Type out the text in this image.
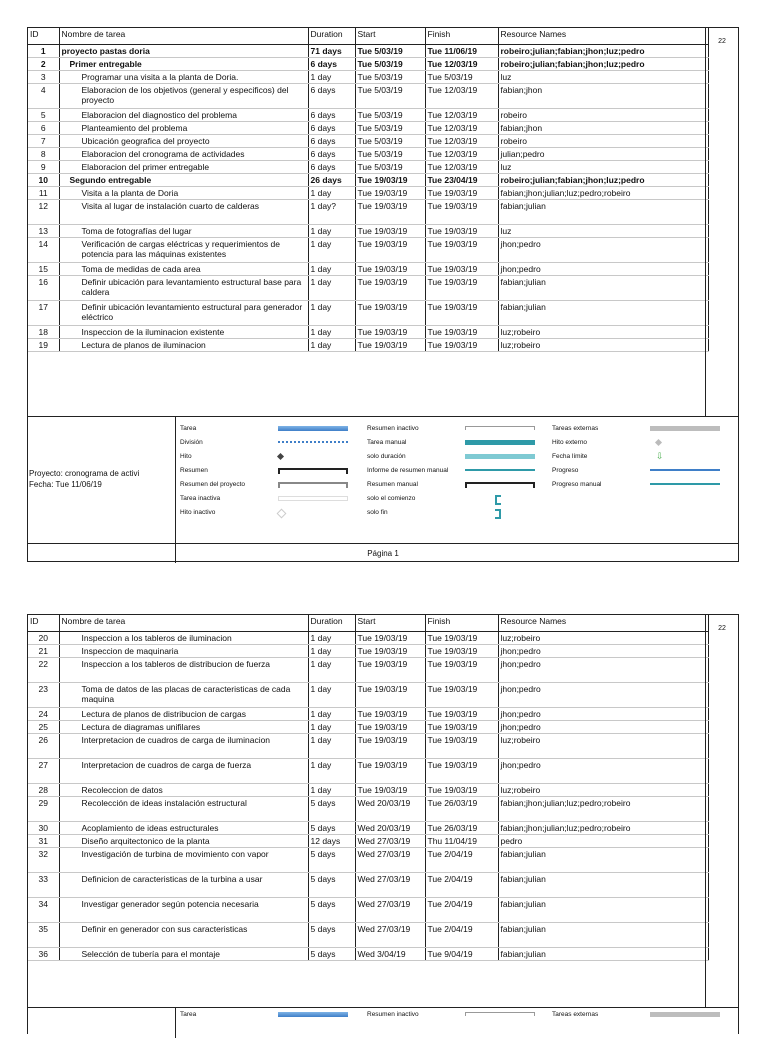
ID	Nombre de tarea	Duration	Start	Finish	Resource Names
1	proyecto pastas doria	71 days	Tue 5/03/19	Tue 11/06/19	robeiro;julian;fabian;jhon;luz;pedro
2	Primer entregable	6 days	Tue 5/03/19	Tue 12/03/19	robeiro;julian;fabian;jhon;luz;pedro
3	Programar una visita a la planta de Doria.	1 day	Tue 5/03/19	Tue 5/03/19	luz
4	Elaboracion de los objetivos (general y especificos) del proyecto	6 days	Tue 5/03/19	Tue 12/03/19	fabian;jhon
5	Elaboracion del diagnostico del problema	6 days	Tue 5/03/19	Tue 12/03/19	robeiro
6	Planteamiento del problema	6 days	Tue 5/03/19	Tue 12/03/19	fabian;jhon
7	Ubicación geografica del proyecto	6 days	Tue 5/03/19	Tue 12/03/19	robeiro
8	Elaboracion del cronograma de actividades	6 days	Tue 5/03/19	Tue 12/03/19	julian;pedro
9	Elaboracion del primer entregable	6 days	Tue 5/03/19	Tue 12/03/19	luz
10	Segundo entregable	26 days	Tue 19/03/19	Tue 23/04/19	robeiro;julian;fabian;jhon;luz;pedro
11	Visita a la planta de Doria	1 day	Tue 19/03/19	Tue 19/03/19	fabian;jhon;julian;luz;pedro;robeiro
12	Visita al lugar de instalación cuarto de calderas	1 day?	Tue 19/03/19	Tue 19/03/19	fabian;julian
13	Toma de fotografías del lugar	1 day	Tue 19/03/19	Tue 19/03/19	luz
14	Verificación de cargas eléctricas y requerimientos de potencia para las máquinas existentes	1 day	Tue 19/03/19	Tue 19/03/19	jhon;pedro
15	Toma de medidas de cada area	1 day	Tue 19/03/19	Tue 19/03/19	jhon;pedro
16	Definir ubicación para levantamiento estructural base para caldera	1 day	Tue 19/03/19	Tue 19/03/19	fabian;julian
17	Definir ubicación levantamiento estructural para generador eléctrico	1 day	Tue 19/03/19	Tue 19/03/19	fabian;julian
18	Inspeccion de la iluminacion existente	1 day	Tue 19/03/19	Tue 19/03/19	luz;robeiro
19	Lectura de planos de iluminacion	1 day	Tue 19/03/19	Tue 19/03/19	luz;robeiro
22
Proyecto: cronograma de activi
Fecha: Tue 11/06/19
Tarea
División
Hito
Resumen
Resumen del proyecto
Tarea inactiva
Hito inactivo
Resumen inactivo
Tarea manual
solo duración
Informe de resumen manual
Resumen manual
solo el comienzo
solo fin
Tareas externas
Hito externo
Fecha límite	⇩
Progreso
Progreso manual
Página 1
ID	Nombre de tarea	Duration	Start	Finish	Resource Names
20	Inspeccion a los tableros de iluminacion	1 day	Tue 19/03/19	Tue 19/03/19	luz;robeiro
21	Inspeccion de maquinaria	1 day	Tue 19/03/19	Tue 19/03/19	jhon;pedro
22	Inspeccion a los tableros de distribucion de fuerza	1 day	Tue 19/03/19	Tue 19/03/19	jhon;pedro
23	Toma de datos de las placas de caracteristicas de cada maquina	1 day	Tue 19/03/19	Tue 19/03/19	jhon;pedro
24	Lectura de planos de distribucion de cargas	1 day	Tue 19/03/19	Tue 19/03/19	jhon;pedro
25	Lectura de diagramas unifilares	1 day	Tue 19/03/19	Tue 19/03/19	jhon;pedro
26	Interpretacion de cuadros de carga de iluminacion	1 day	Tue 19/03/19	Tue 19/03/19	luz;robeiro
27	Interpretacion de cuadros de carga de fuerza	1 day	Tue 19/03/19	Tue 19/03/19	jhon;pedro
28	Recoleccion de datos	1 day	Tue 19/03/19	Tue 19/03/19	luz;robeiro
29	Recolección de ideas instalación estructural	5 days	Wed 20/03/19	Tue 26/03/19	fabian;jhon;julian;luz;pedro;robeiro
30	Acoplamiento de ideas estructurales	5 days	Wed 20/03/19	Tue 26/03/19	fabian;jhon;julian;luz;pedro;robeiro
31	Diseño arquitectonico de la planta	12 days	Wed 27/03/19	Thu 11/04/19	pedro
32	Investigación de turbina de movimiento con vapor	5 days	Wed 27/03/19	Tue 2/04/19	fabian;julian
33	Definicion de caracteristicas de la turbina a usar	5 days	Wed 27/03/19	Tue 2/04/19	fabian;julian
34	Investigar generador según potencia necesaria	5 days	Wed 27/03/19	Tue 2/04/19	fabian;julian
35	Definir en generador con sus caracteristicas	5 days	Wed 27/03/19	Tue 2/04/19	fabian;julian
36	Selección de tubería para el montaje	5 days	Wed 3/04/19	Tue 9/04/19	fabian;julian
22
Tarea	Resumen inactivo	Tareas externas
